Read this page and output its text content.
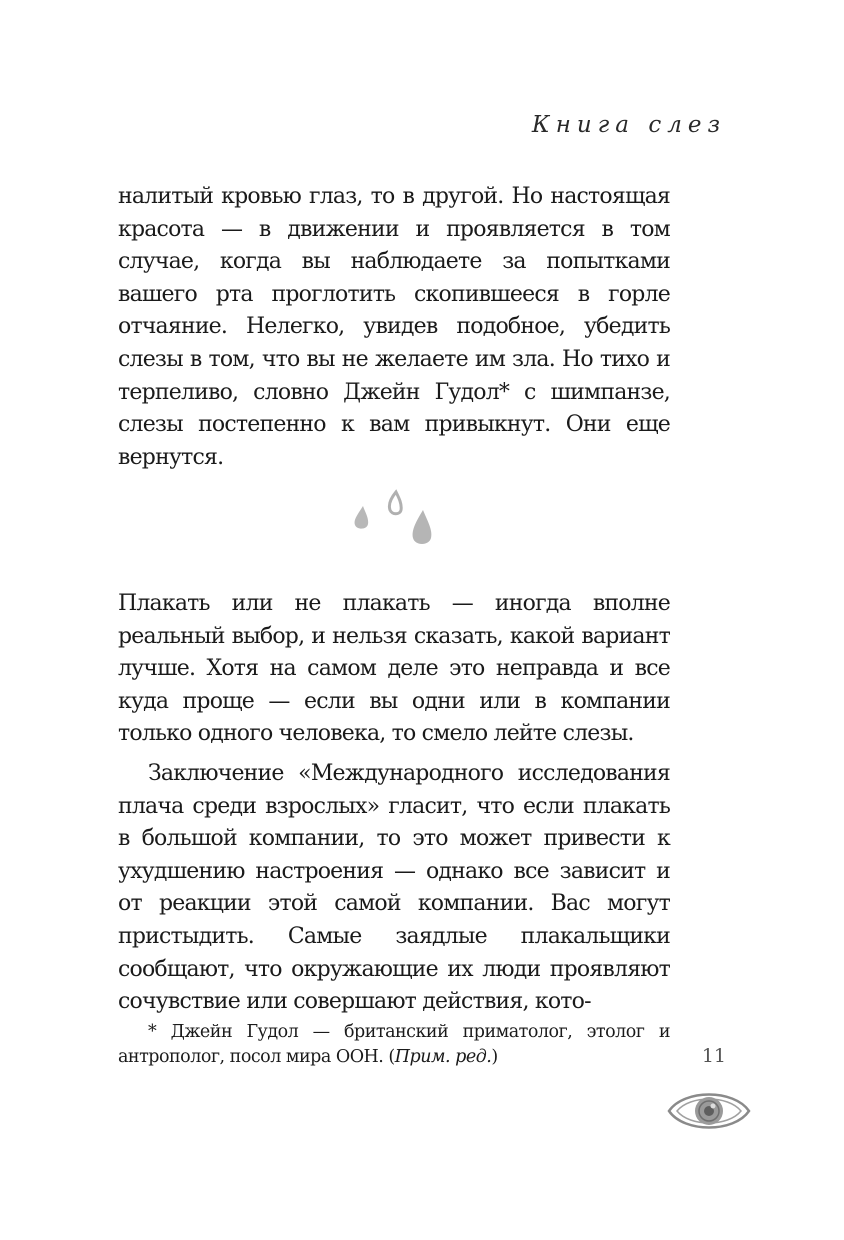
Книга слез

налитый кровью глаз, то в другой. Но настоящая красота — в движении и проявляется в том случае, когда вы наблюдаете за попытками вашего рта проглотить скопившееся в горле отчаяние. Нелегко, увидев подобное, убедить слезы в том, что вы не желаете им зла. Но тихо и терпеливо, словно Джейн Гудол* с шимпанзе, слезы постепенно к вам привыкнут. Они еще вернутся.

Плакать или не плакать — иногда вполне реальный выбор, и нельзя сказать, какой вариант лучше. Хотя на самом деле это неправда и все куда проще — если вы одни или в компании только одного человека, то смело лейте слезы.

Заключение «Международного исследования плача среди взрослых» гласит, что если плакать в большой компании, то это может привести к ухудшению настроения — однако все зависит и от реакции этой самой компании. Вас могут пристыдить. Самые заядлые плакальщики сообщают, что окружающие их люди проявляют сочувствие или совершают действия, кото-

* Джейн Гудол — британский приматолог, этолог и антрополог, посол мира ООН. (Прим. ред.)	11
